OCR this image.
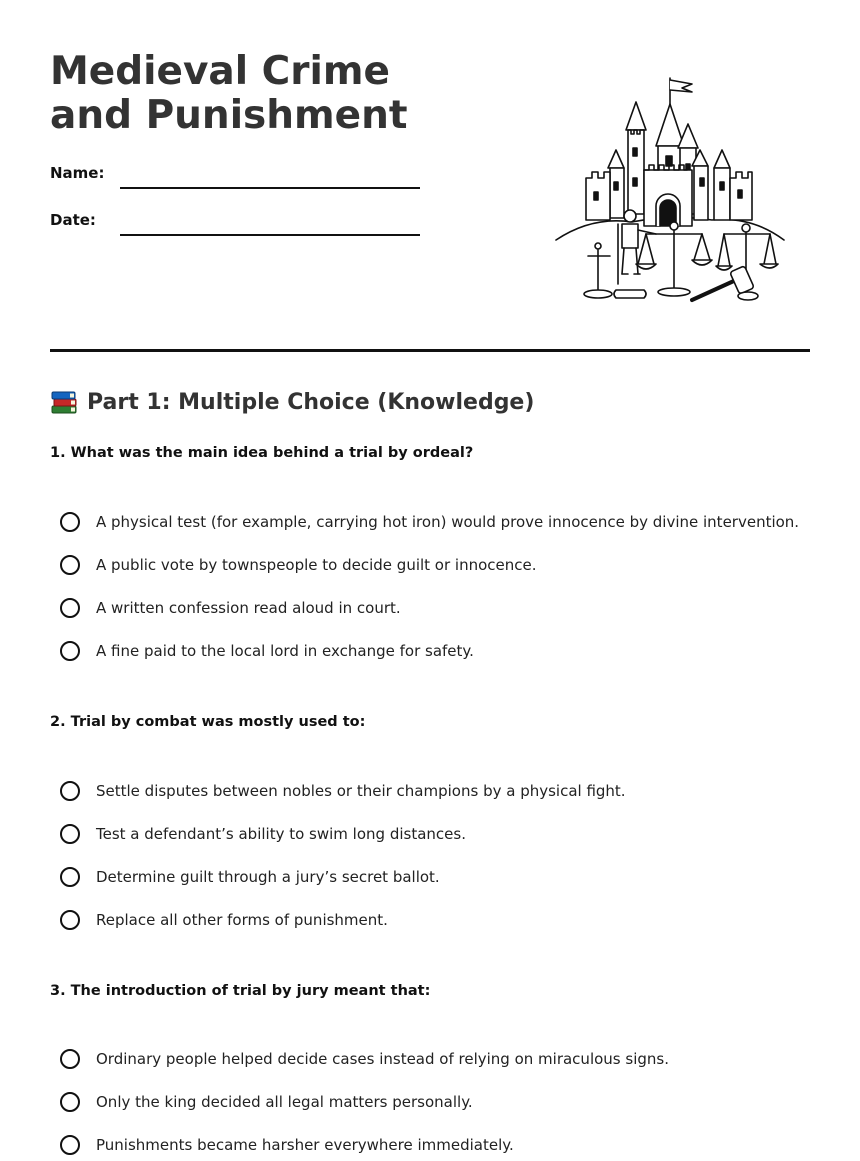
Medieval Crime and Punishment
Name:
Date:
Part 1: Multiple Choice (Knowledge)

1. What was the main idea behind a trial by ordeal?

A physical test (for example, carrying hot iron) would prove innocence by divine intervention.
A public vote by townspeople to decide guilt or innocence.
A written confession read aloud in court.
A fine paid to the local lord in exchange for safety.

2. Trial by combat was mostly used to:

Settle disputes between nobles or their champions by a physical fight.
Test a defendant’s ability to swim long distances.
Determine guilt through a jury’s secret ballot.
Replace all other forms of punishment.

3. The introduction of trial by jury meant that:

Ordinary people helped decide cases instead of relying on miraculous signs.
Only the king decided all legal matters personally.
Punishments became harsher everywhere immediately.
